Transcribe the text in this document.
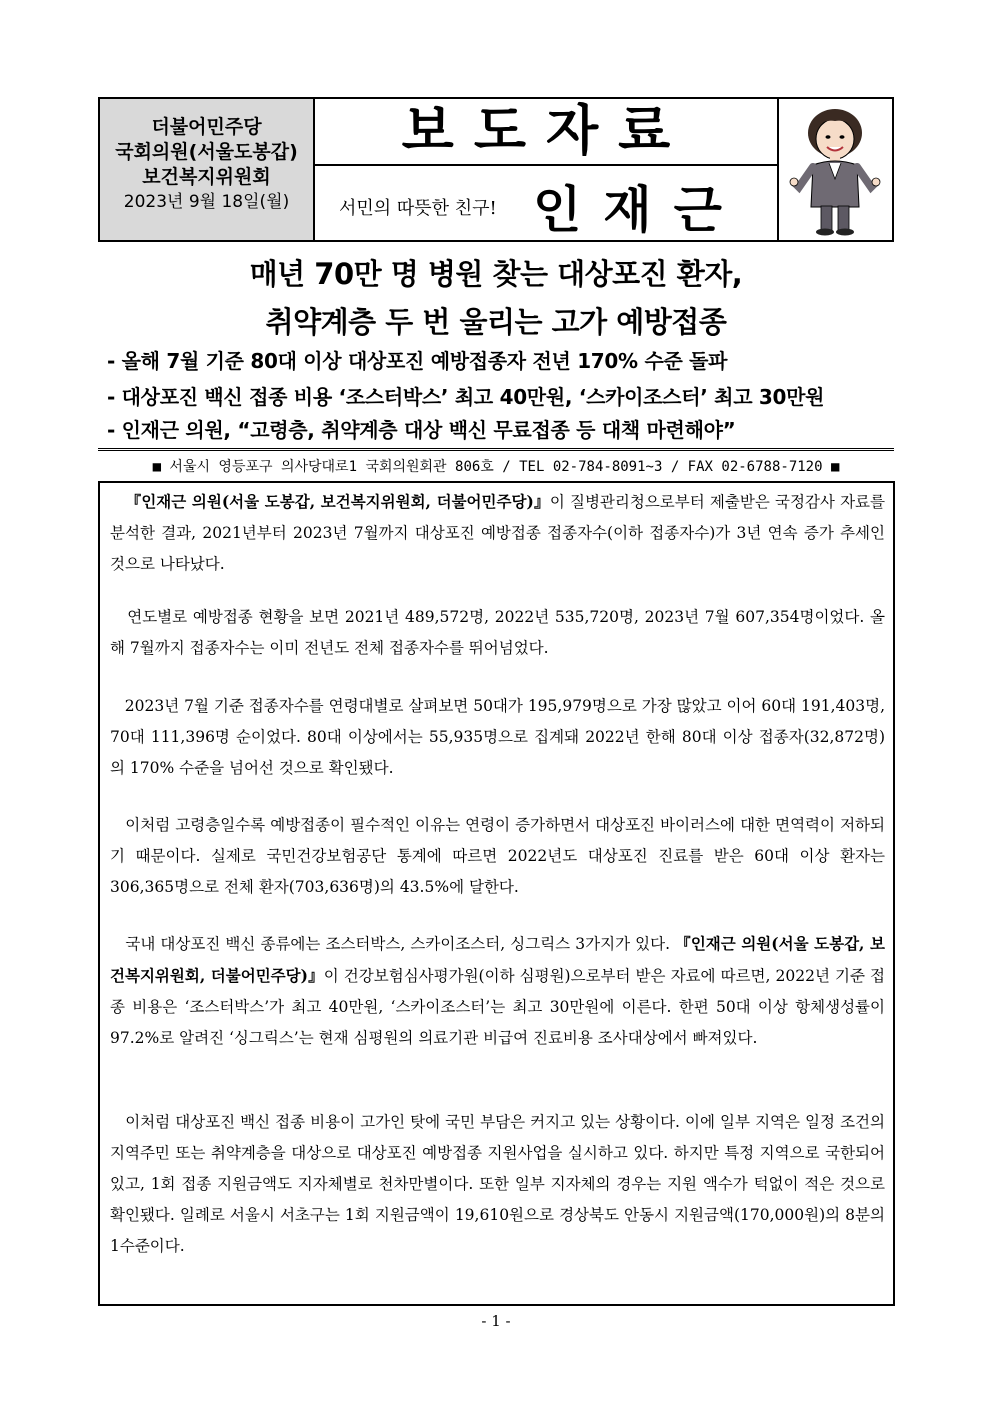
더불어민주당
국회의원(서울도봉갑)
보건복지위원회
2023년 9월 18일(월)
보도자료
서민의 따뜻한 친구! 인재근
매년 70만 명 병원 찾는 대상포진 환자,
취약계층 두 번 울리는 고가 예방접종
- 올해 7월 기준 80대 이상 대상포진 예방접종자 전년 170% 수준 돌파
- 대상포진 백신 접종 비용 ‘조스터박스’ 최고 40만원, ‘스카이조스터’ 최고 30만원
- 인재근 의원, “고령층, 취약계층 대상 백신 무료접종 등 대책 마련해야”
■ 서울시 영등포구 의사당대로1 국회의원회관 806호 / TEL 02-784-8091~3 / FAX 02-6788-7120 ■
『인재근 의원(서울 도봉갑, 보건복지위원회, 더불어민주당)』이 질병관리청으로부터 제출받은 국정감사 자료를 분석한 결과, 2021년부터 2023년 7월까지 대상포진 예방접종 접종자수(이하 접종자수)가 3년 연속 증가 추세인 것으로 나타났다.
연도별로 예방접종 현황을 보면 2021년 489,572명, 2022년 535,720명, 2023년 7월 607,354명이었다. 올해 7월까지 접종자수는 이미 전년도 전체 접종자수를 뛰어넘었다.
2023년 7월 기준 접종자수를 연령대별로 살펴보면 50대가 195,979명으로 가장 많았고 이어 60대 191,403명, 70대 111,396명 순이었다. 80대 이상에서는 55,935명으로 집계돼 2022년 한해 80대 이상 접종자(32,872명)의 170% 수준을 넘어선 것으로 확인됐다.
이처럼 고령층일수록 예방접종이 필수적인 이유는 연령이 증가하면서 대상포진 바이러스에 대한 면역력이 저하되기 때문이다. 실제로 국민건강보험공단 통계에 따르면 2022년도 대상포진 진료를 받은 60대 이상 환자는 306,365명으로 전체 환자(703,636명)의 43.5%에 달한다.
국내 대상포진 백신 종류에는 조스터박스, 스카이조스터, 싱그릭스 3가지가 있다. 『인재근 의원(서울 도봉갑, 보건복지위원회, 더불어민주당)』이 건강보험심사평가원(이하 심평원)으로부터 받은 자료에 따르면, 2022년 기준 접종 비용은 ‘조스터박스’가 최고 40만원, ‘스카이조스터’는 최고 30만원에 이른다. 한편 50대 이상 항체생성률이 97.2%로 알려진 ‘싱그릭스’는 현재 심평원의 의료기관 비급여 진료비용 조사대상에서 빠져있다.
이처럼 대상포진 백신 접종 비용이 고가인 탓에 국민 부담은 커지고 있는 상황이다. 이에 일부 지역은 일정 조건의 지역주민 또는 취약계층을 대상으로 대상포진 예방접종 지원사업을 실시하고 있다. 하지만 특정 지역으로 국한되어 있고, 1회 접종 지원금액도 지자체별로 천차만별이다. 또한 일부 지자체의 경우는 지원 액수가 턱없이 적은 것으로 확인됐다. 일례로 서울시 서초구는 1회 지원금액이 19,610원으로 경상북도 안동시 지원금액(170,000원)의 8분의 1수준이다.
- 1 -
